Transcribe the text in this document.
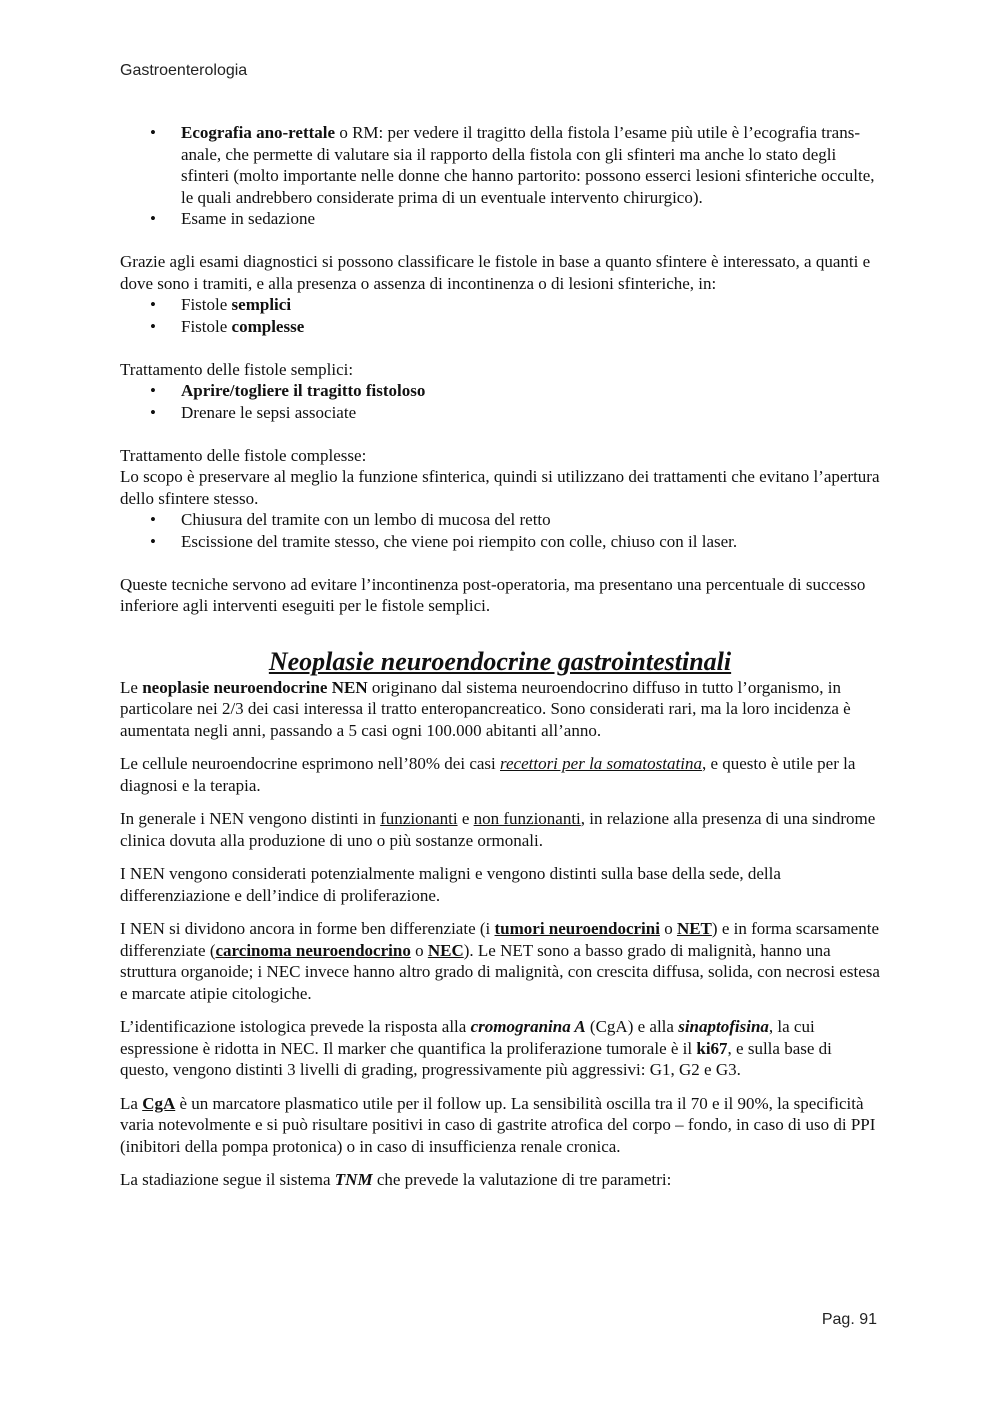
Gastroenterologia
• Ecografia ano-rettale o RM: per vedere il tragitto della fistola l’esame più utile è l’ecografia trans-anale, che permette di valutare sia il rapporto della fistola con gli sfinteri ma anche lo stato degli sfinteri (molto importante nelle donne che hanno partorito: possono esserci lesioni sfinteriche occulte, le quali andrebbero considerate prima di un eventuale intervento chirurgico).
• Esame in sedazione

Grazie agli esami diagnostici si possono classificare le fistole in base a quanto sfintere è interessato, a quanti e dove sono i tramiti, e alla presenza o assenza di incontinenza o di lesioni sfinteriche, in:

• Fistole semplici
• Fistole complesse

Trattamento delle fistole semplici:

• Aprire/togliere il tragitto fistoloso
• Drenare le sepsi associate

Trattamento delle fistole complesse:

Lo scopo è preservare al meglio la funzione sfinterica, quindi si utilizzano dei trattamenti che evitano l’apertura dello sfintere stesso.

• Chiusura del tramite con un lembo di mucosa del retto
• Escissione del tramite stesso, che viene poi riempito con colle, chiuso con il laser.

Queste tecniche servono ad evitare l’incontinenza post-operatoria, ma presentano una percentuale di successo inferiore agli interventi eseguiti per le fistole semplici.

Neoplasie neuroendocrine gastrointestinali

Le neoplasie neuroendocrine NEN originano dal sistema neuroendocrino diffuso in tutto l’organismo, in particolare nei 2/3 dei casi interessa il tratto enteropancreatico. Sono considerati rari, ma la loro incidenza è aumentata negli anni, passando a 5 casi ogni 100.000 abitanti all’anno.

Le cellule neuroendocrine esprimono nell’80% dei casi recettori per la somatostatina, e questo è utile per la diagnosi e la terapia.

In generale i NEN vengono distinti in funzionanti e non funzionanti, in relazione alla presenza di una sindrome clinica dovuta alla produzione di uno o più sostanze ormonali.

I NEN vengono considerati potenzialmente maligni e vengono distinti sulla base della sede, della differenziazione e dell’indice di proliferazione.

I NEN si dividono ancora in forme ben differenziate (i tumori neuroendocrini o NET) e in forma scarsamente differenziate (carcinoma neuroendocrino o NEC). Le NET sono a basso grado di malignità, hanno una struttura organoide; i NEC invece hanno altro grado di malignità, con crescita diffusa, solida, con necrosi estesa e marcate atipie citologiche.

L’identificazione istologica prevede la risposta alla cromogranina A (CgA) e alla sinaptofisina, la cui espressione è ridotta in NEC. Il marker che quantifica la proliferazione tumorale è il ki67, e sulla base di questo, vengono distinti 3 livelli di grading, progressivamente più aggressivi: G1, G2 e G3.

La CgA è un marcatore plasmatico utile per il follow up. La sensibilità oscilla tra il 70 e il 90%, la specificità varia notevolmente e si può risultare positivi in caso di gastrite atrofica del corpo – fondo, in caso di uso di PPI (inibitori della pompa protonica) o in caso di insufficienza renale cronica.

La stadiazione segue il sistema TNM che prevede la valutazione di tre parametri:

Pag. 91
